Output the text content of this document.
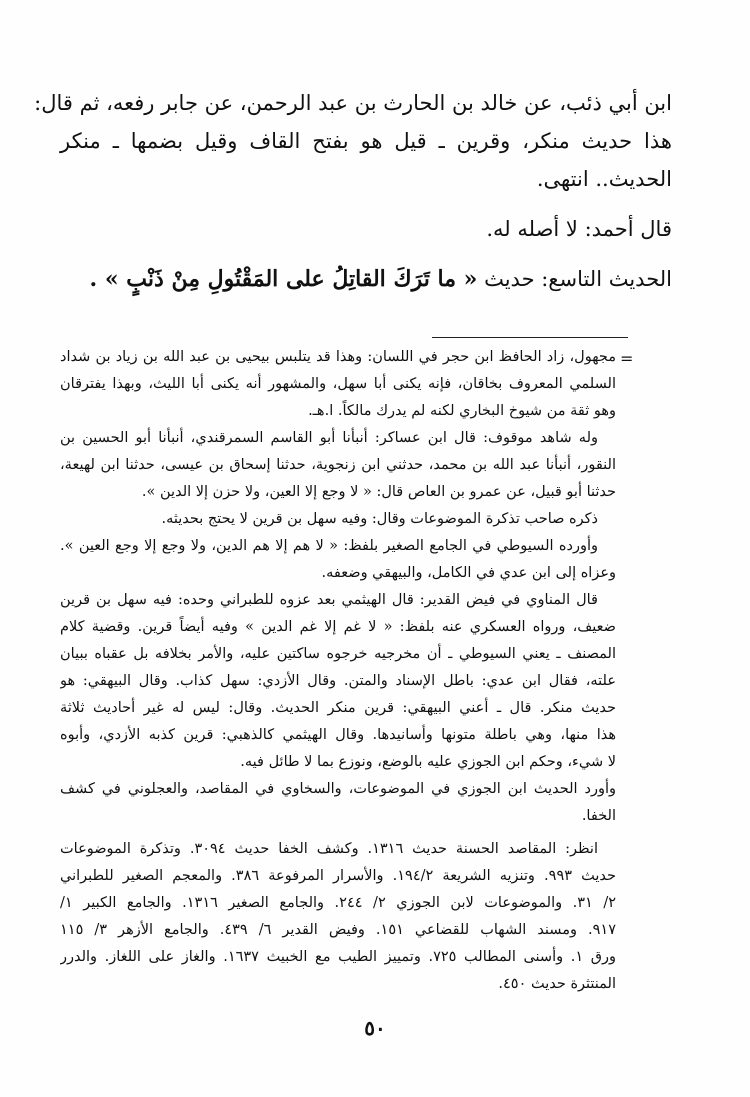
ابن أبي ذئب، عن خالد بن الحارث بن عبد الرحمن، عن جابر رفعه، ثم قال:
هذا حديث منكر، وقرين ـ قيل هو بفتح القاف وقيل بضمها ـ منكر
الحديث.. انتهى.
قال أحمد: لا أصله له.
الحديث التاسع: حديث « ما تَرَكَ القاتِلُ على المَقْتُولِ مِنْ ذَنْبٍ » .
=
مجهول، زاد الحافظ ابن حجر في اللسان: وهذا قد يتلبس بيحيى بن عبد الله بن زياد بن شداد
السلمي المعروف بخاقان، فإنه يكنى أبا سهل، والمشهور أنه يكنى أبا الليث، وبهذا يفترقان
وهو ثقة من شيوخ البخاري لكنه لم يدرك مالكاً. ا.هـ.
وله شاهد موقوف: قال ابن عساكر: أنبأنا أبو القاسم السمرقندي، أنبأنا أبو الحسين بن
النقور، أنبأنا عبد الله بن محمد، حدثني ابن زنجوية، حدثنا إسحاق بن عيسى، حدثنا ابن لهيعة،
حدثنا أبو قبيل، عن عمرو بن العاص قال: « لا وجع إلا العين، ولا حزن إلا الدين ».
ذكره صاحب تذكرة الموضوعات وقال: وفيه سهل بن قرين لا يحتج بحديثه.
وأورده السيوطي في الجامع الصغير بلفظ: « لا هم إلا هم الدين، ولا وجع إلا وجع العين ».
وعزاه إلى ابن عدي في الكامل، والبيهقي وضعفه.
قال المناوي في فيض القدير: قال الهيثمي بعد عزوه للطبراني وحده: فيه سهل بن قرين
ضعيف، ورواه العسكري عنه بلفظ: « لا غم إلا غم الدين » وفيه أيضاً قرين. وقضية كلام
المصنف ـ يعني السيوطي ـ أن مخرجيه خرجوه ساكتين عليه، والأمر بخلافه بل عقباه ببيان
علته، فقال ابن عدي: باطل الإسناد والمتن. وقال الأزدي: سهل كذاب. وقال البيهقي: هو
حديث منكر. قال ـ أعني البيهقي: قرين منكر الحديث. وقال: ليس له غير أحاديث ثلاثة
هذا منها، وهي باطلة متونها وأسانيدها. وقال الهيثمي كالذهبي: قرين كذبه الأزدي، وأبوه
لا شيء، وحكم ابن الجوزي عليه بالوضع، ونوزع بما لا طائل فيه.
وأورد الحديث ابن الجوزي في الموضوعات، والسخاوي في المقاصد، والعجلوني في كشف
الخفا.
انظر: المقاصد الحسنة حديث ١٣١٦. وكشف الخفا حديث ٣٠٩٤. وتذكرة الموضوعات
حديث ٩٩٣. وتنزيه الشريعة ١٩٤/٢. والأسرار المرفوعة ٣٨٦. والمعجم الصغير للطبراني
٢/ ٣١. والموضوعات لابن الجوزي ٢/ ٢٤٤. والجامع الصغير ١٣١٦. والجامع الكبير ١/
٩١٧. ومسند الشهاب للقضاعي ١٥١. وفيض القدير ٦/ ٤٣٩. والجامع الأزهر ٣/ ١١٥
ورق ١. وأسنى المطالب ٧٢٥. وتمييز الطيب مع الخبيث ١٦٣٧. والغاز على اللغاز. والدرر
المنتثرة حديث ٤٥٠.
٥٠
